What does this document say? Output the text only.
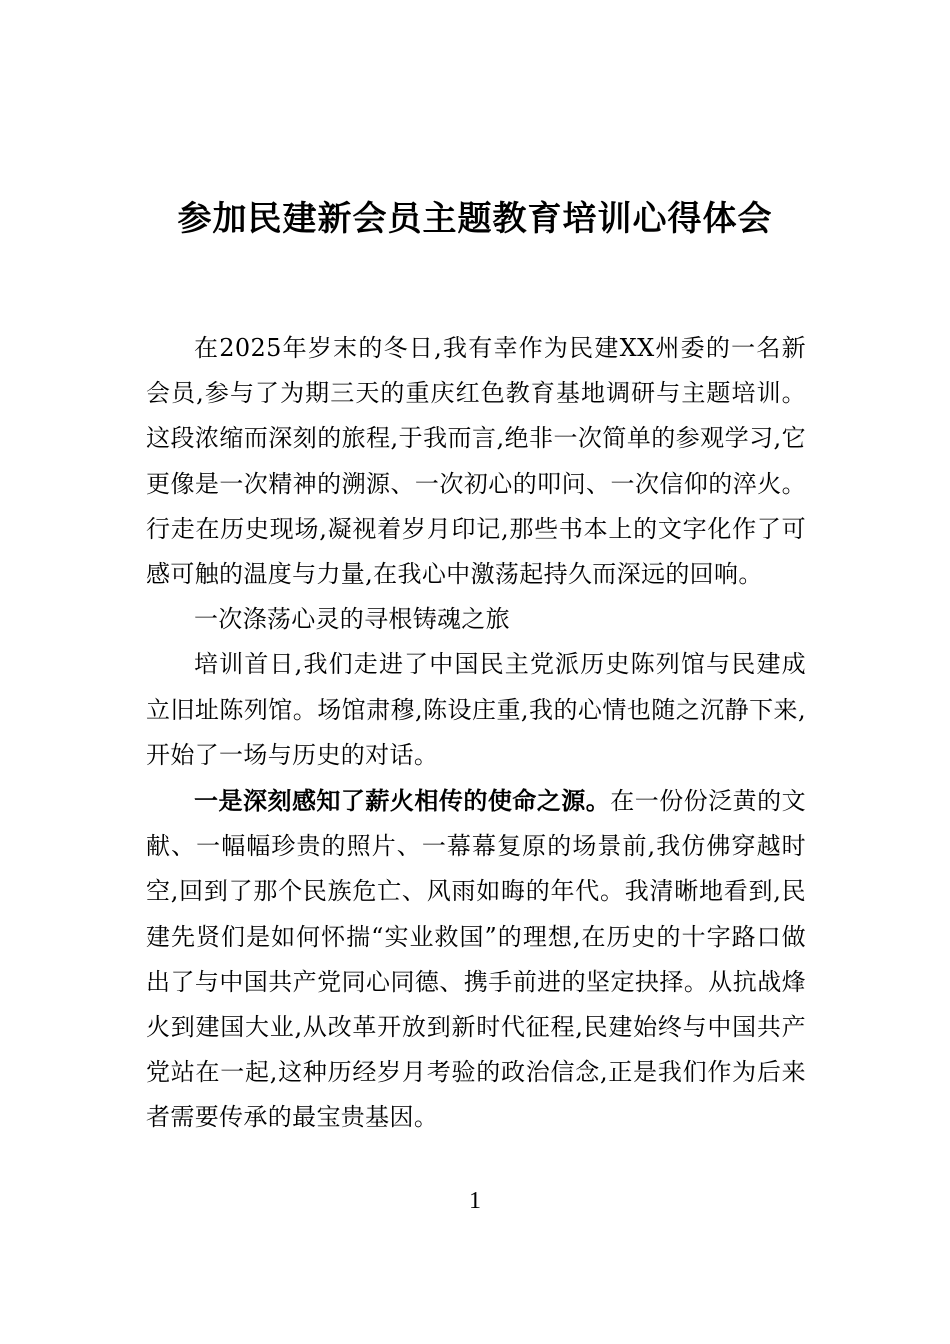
参加民建新会员主题教育培训心得体会

在2025年岁末的冬日,我有幸作为民建XX州委的一名新会员,参与了为期三天的重庆红色教育基地调研与主题培训。这段浓缩而深刻的旅程,于我而言,绝非一次简单的参观学习,它更像是一次精神的溯源、一次初心的叩问、一次信仰的淬火。行走在历史现场,凝视着岁月印记,那些书本上的文字化作了可感可触的温度与力量,在我心中激荡起持久而深远的回响。

一次涤荡心灵的寻根铸魂之旅

培训首日,我们走进了中国民主党派历史陈列馆与民建成立旧址陈列馆。场馆肃穆,陈设庄重,我的心情也随之沉静下来,开始了一场与历史的对话。

一是深刻感知了薪火相传的使命之源。在一份份泛黄的文献、一幅幅珍贵的照片、一幕幕复原的场景前,我仿佛穿越时空,回到了那个民族危亡、风雨如晦的年代。我清晰地看到,民建先贤们是如何怀揣“实业救国”的理想,在历史的十字路口做出了与中国共产党同心同德、携手前进的坚定抉择。从抗战烽火到建国大业,从改革开放到新时代征程,民建始终与中国共产党站在一起,这种历经岁月考验的政治信念,正是我们作为后来者需要传承的最宝贵基因。

1
